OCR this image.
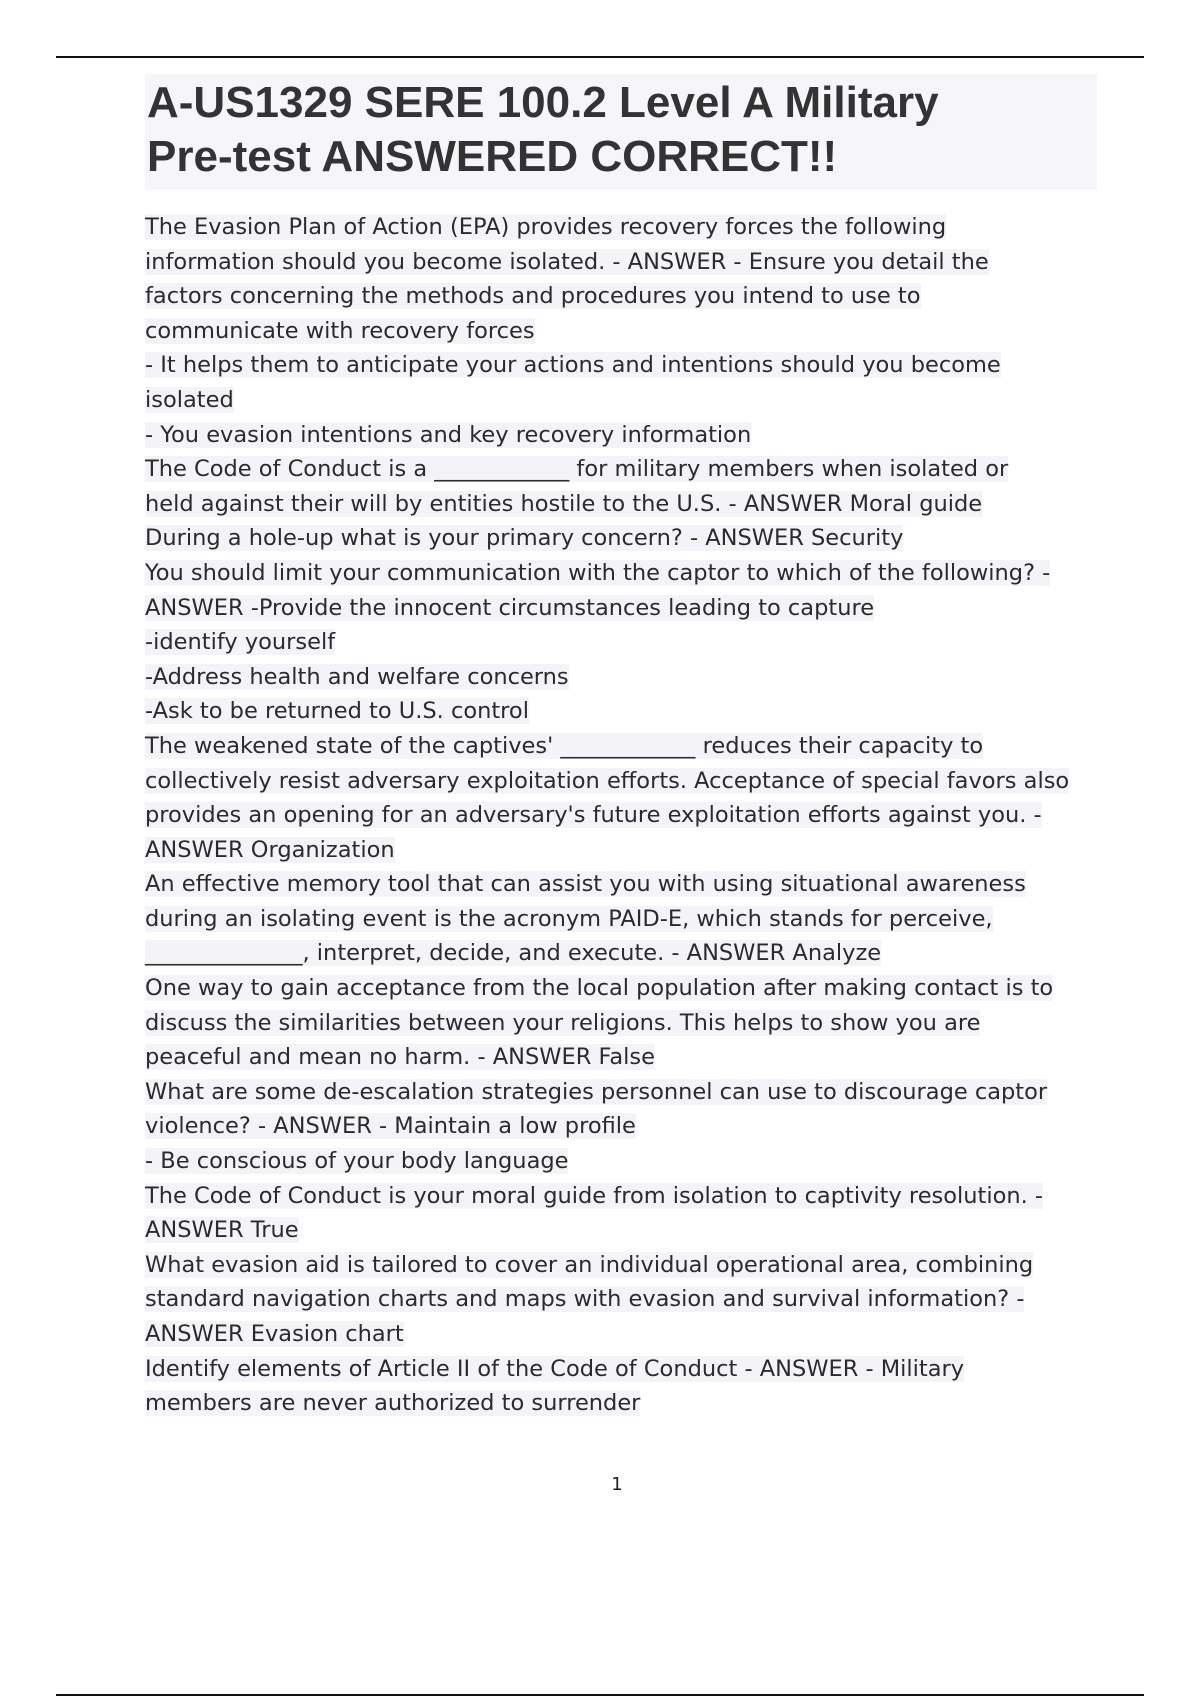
A-US1329 SERE 100.2 Level A Military
Pre-test ANSWERED CORRECT!!
The Evasion Plan of Action (EPA) provides recovery forces the following
information should you become isolated. - ANSWER - Ensure you detail the
factors concerning the methods and procedures you intend to use to
communicate with recovery forces
- It helps them to anticipate your actions and intentions should you become
isolated
- You evasion intentions and key recovery information
The Code of Conduct is a ____________ for military members when isolated or
held against their will by entities hostile to the U.S. - ANSWER Moral guide
During a hole-up what is your primary concern? - ANSWER Security
You should limit your communication with the captor to which of the following? -
ANSWER -Provide the innocent circumstances leading to capture
-identify yourself
-Address health and welfare concerns
-Ask to be returned to U.S. control
The weakened state of the captives' ____________ reduces their capacity to
collectively resist adversary exploitation efforts. Acceptance of special favors also
provides an opening for an adversary's future exploitation efforts against you. -
ANSWER Organization
An effective memory tool that can assist you with using situational awareness
during an isolating event is the acronym PAID-E, which stands for perceive,
______________, interpret, decide, and execute. - ANSWER Analyze
One way to gain acceptance from the local population after making contact is to
discuss the similarities between your religions. This helps to show you are
peaceful and mean no harm. - ANSWER False
What are some de-escalation strategies personnel can use to discourage captor
violence? - ANSWER - Maintain a low profile
- Be conscious of your body language
The Code of Conduct is your moral guide from isolation to captivity resolution. -
ANSWER True
What evasion aid is tailored to cover an individual operational area, combining
standard navigation charts and maps with evasion and survival information? -
ANSWER Evasion chart
Identify elements of Article II of the Code of Conduct - ANSWER - Military
members are never authorized to surrender
1
